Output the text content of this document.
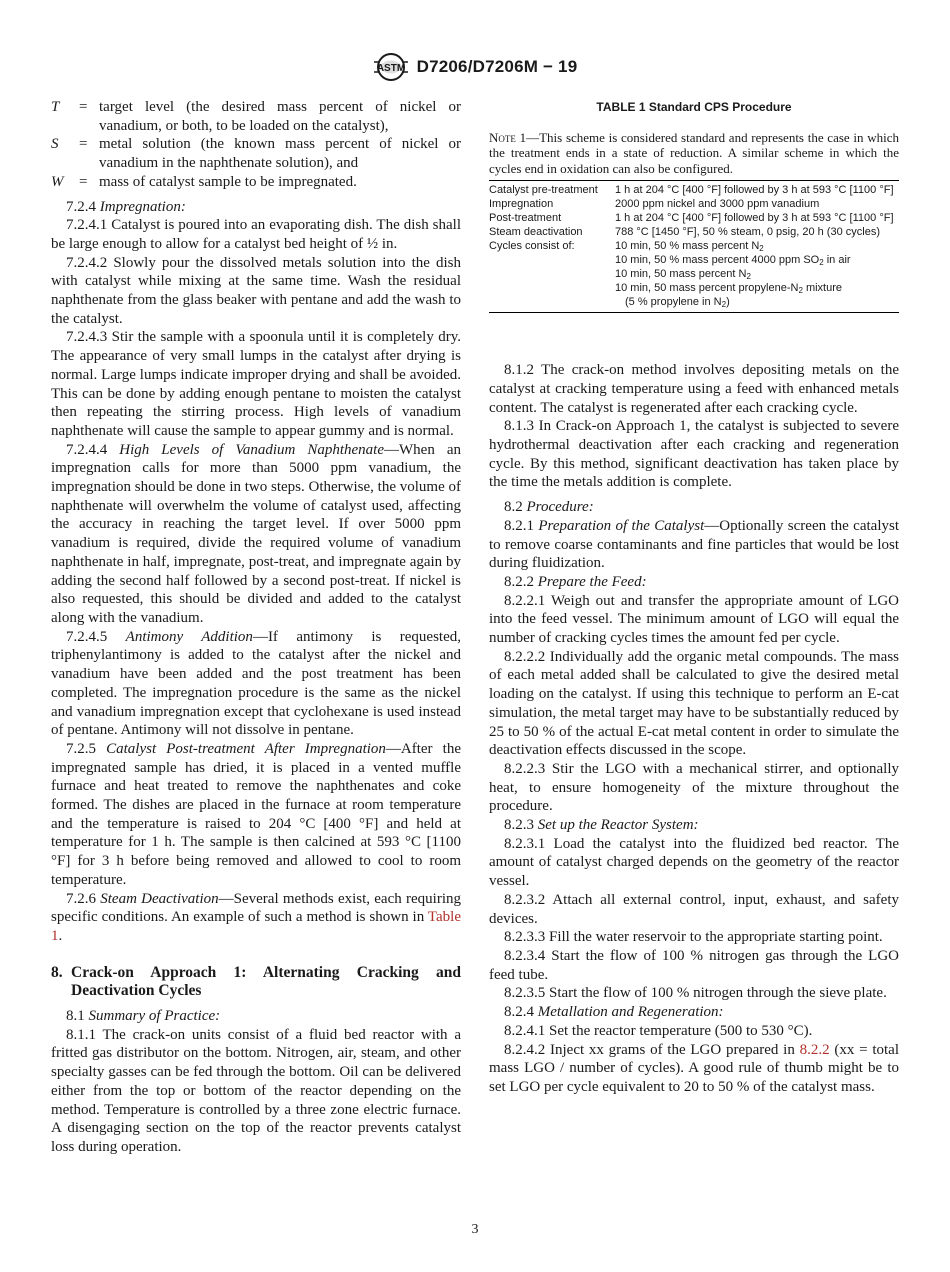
ASTM D7206/D7206M − 19
T	= target level (the desired mass percent of nickel or vanadium, or both, to be loaded on the catalyst),
S	= metal solution (the known mass percent of nickel or vanadium in the naphthenate solution), and
W	= mass of catalyst sample to be impregnated.

7.2.4 Impregnation:

7.2.4.1 Catalyst is poured into an evaporating dish. The dish shall be large enough to allow for a catalyst bed height of ½ in.

7.2.4.2 Slowly pour the dissolved metals solution into the dish with catalyst while mixing at the same time. Wash the residual naphthenate from the glass beaker with pentane and add the wash to the catalyst.

7.2.4.3 Stir the sample with a spoonula until it is completely dry. The appearance of very small lumps in the catalyst after drying is normal. Large lumps indicate improper drying and shall be avoided. This can be done by adding enough pentane to moisten the catalyst then repeating the stirring process. High levels of vanadium naphthenate will cause the sample to appear gummy and is normal.

7.2.4.4 High Levels of Vanadium Naphthenate—When an impregnation calls for more than 5000 ppm vanadium, the impregnation should be done in two steps. Otherwise, the volume of naphthenate will overwhelm the volume of catalyst used, affecting the accuracy in reaching the target level. If over 5000 ppm vanadium is required, divide the required volume of vanadium naphthenate in half, impregnate, post-treat, and impregnate again by adding the second half followed by a second post-treat. If nickel is also requested, this should be divided and added to the catalyst along with the vanadium.

7.2.4.5 Antimony Addition—If antimony is requested, triphenylantimony is added to the catalyst after the nickel and vanadium have been added and the post treatment has been completed. The impregnation procedure is the same as the nickel and vanadium impregnation except that cyclohexane is used instead of pentane. Antimony will not dissolve in pentane.

7.2.5 Catalyst Post-treatment After Impregnation—After the impregnated sample has dried, it is placed in a vented muffle furnace and heat treated to remove the naphthenates and coke formed. The dishes are placed in the furnace at room temperature and the temperature is raised to 204 °C [400 °F] and held at temperature for 1 h. The sample is then calcined at 593 °C [1100 °F] for 3 h before being removed and allowed to cool to room temperature.

7.2.6 Steam Deactivation—Several methods exist, each requiring specific conditions. An example of such a method is shown in Table 1.

8. Crack-on Approach 1: Alternating Cracking and Deactivation Cycles

8.1 Summary of Practice:

8.1.1 The crack-on units consist of a fluid bed reactor with a fritted gas distributor on the bottom. Nitrogen, air, steam, and other specialty gasses can be fed through the bottom. Oil can be delivered either from the top or bottom of the reactor depending on the method. Temperature is controlled by a three zone electric furnace. A disengaging section on the top of the reactor prevents catalyst loss during operation.

TABLE 1 Standard CPS Procedure

Note 1—This scheme is considered standard and represents the case in which the treatment ends in a state of reduction. A similar scheme in which the cycles end in oxidation can also be configured.

Catalyst pre-treatment	1 h at 204 °C [400 °F] followed by 3 h at 593 °C [1100 °F]
Impregnation	2000 ppm nickel and 3000 ppm vanadium
Post-treatment	1 h at 204 °C [400 °F] followed by 3 h at 593 °C [1100 °F]
Steam deactivation	788 °C [1450 °F], 50 % steam, 0 psig, 20 h (30 cycles)
Cycles consist of:	10 min, 50 % mass percent $N_2$
	10 min, 50 % mass percent 4000 ppm $SO_2$ in air
	10 min, 50 mass percent $N_2$
	10 min, 50 mass percent propylene-$N_2$ mixture
	(5 % propylene in $N_2$)

8.1.2 The crack-on method involves depositing metals on the catalyst at cracking temperature using a feed with enhanced metals content. The catalyst is regenerated after each cracking cycle.

8.1.3 In Crack-on Approach 1, the catalyst is subjected to severe hydrothermal deactivation after each cracking and regeneration cycle. By this method, significant deactivation has taken place by the time the metals addition is complete.

8.2 Procedure:

8.2.1 Preparation of the Catalyst—Optionally screen the catalyst to remove coarse contaminants and fine particles that would be lost during fluidization.

8.2.2 Prepare the Feed:

8.2.2.1 Weigh out and transfer the appropriate amount of LGO into the feed vessel. The minimum amount of LGO will equal the number of cracking cycles times the amount fed per cycle.

8.2.2.2 Individually add the organic metal compounds. The mass of each metal added shall be calculated to give the desired metal loading on the catalyst. If using this technique to perform an E-cat simulation, the metal target may have to be substantially reduced by 25 to 50 % of the actual E-cat metal content in order to simulate the deactivation effects discussed in the scope.

8.2.2.3 Stir the LGO with a mechanical stirrer, and optionally heat, to ensure homogeneity of the mixture throughout the procedure.

8.2.3 Set up the Reactor System:

8.2.3.1 Load the catalyst into the fluidized bed reactor. The amount of catalyst charged depends on the geometry of the reactor vessel.

8.2.3.2 Attach all external control, input, exhaust, and safety devices.

8.2.3.3 Fill the water reservoir to the appropriate starting point.

8.2.3.4 Start the flow of 100 % nitrogen gas through the LGO feed tube.

8.2.3.5 Start the flow of 100 % nitrogen through the sieve plate.

8.2.4 Metallation and Regeneration:

8.2.4.1 Set the reactor temperature (500 to 530 °C).

8.2.4.2 Inject xx grams of the LGO prepared in 8.2.2 (xx = total mass LGO / number of cycles). A good rule of thumb might be to set LGO per cycle equivalent to 20 to 50 % of the catalyst mass.

3
